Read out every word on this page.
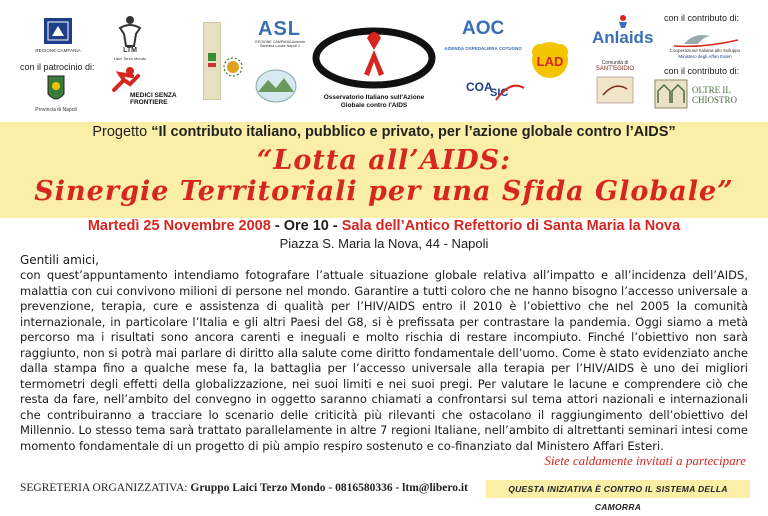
REGIONE CAMPANIA	LTM
Laici Terzo Mondo
ASL
REGIONE CAMPANIA Azienda Sanitaria Locale Napoli 1
Osservatorio Italiano sull'Azione Globale contro l'AIDS
AOC
AZIENDA OSPEDALIERA COTUGNO
COA
SIC
LAD
Anlaids
Comunità di
SANT'EGIDIO
con il contributo di:
Cooperazione Italiana allo Sviluppo
Ministero degli Affari Esteri
con il contributo di:
OLTRE IL
CHIOSTRO
con il patrocinio di:
Provincia di Napoli
MEDICI SENZA FRONTIERE
Progetto “Il contributo italiano, pubblico e privato, per l’azione globale contro l’AIDS”
“Lotta all’AIDS:
Sinergie Territoriali per una Sfida Globale”
Martedì 25 Novembre 2008 - Ore 10 - Sala dell’Antico Refettorio di Santa Maria la Nova
Piazza S. Maria la Nova, 44 - Napoli
Gentili amici,
con quest’appuntamento intendiamo fotografare l’attuale situazione globale relativa all’impatto e all’incidenza dell’AIDS, malattia con cui convivono milioni di persone nel mondo. Garantire a tutti coloro che ne hanno bisogno l’accesso universale a prevenzione, terapia, cure e assistenza di qualità per l’HIV/AIDS entro il 2010 è l’obiettivo che nel 2005 la comunità internazionale, in particolare l’Italia e gli altri Paesi del G8, si è prefissata per contrastare la pandemia. Oggi siamo a metà percorso ma i risultati sono ancora carenti e ineguali e molto rischia di restare incompiuto. Finché l’obiettivo non sarà raggiunto, non si potrà mai parlare di diritto alla salute come diritto fondamentale dell’uomo. Come è stato evidenziato anche dalla stampa fino a qualche mese fa, la battaglia per l’accesso universale alla terapia per l’HIV/AIDS è uno dei migliori termometri degli effetti della globalizzazione, nei suoi limiti e nei suoi pregi. Per valutare le lacune e comprendere ciò che resta da fare, nell’ambito del convegno in oggetto saranno chiamati a confrontarsi sul tema attori nazionali e internazionali che contribuiranno a tracciare lo scenario delle criticità più rilevanti che ostacolano il raggiungimento dell’obiettivo del Millennio. Lo stesso tema sarà trattato parallelamente in altre 7 regioni Italiane, nell’ambito di altrettanti seminari intesi come momento fondamentale di un progetto di più ampio respiro sostenuto e co-finanziato dal Ministero Affari Esteri.
Siete caldamente invitati a partecipare
SEGRETERIA ORGANIZZATIVA: Gruppo Laici Terzo Mondo - 0816580336 - ltm@libero.it	QUESTA INIZIATIVA È CONTRO IL SISTEMA DELLA CAMORRA
